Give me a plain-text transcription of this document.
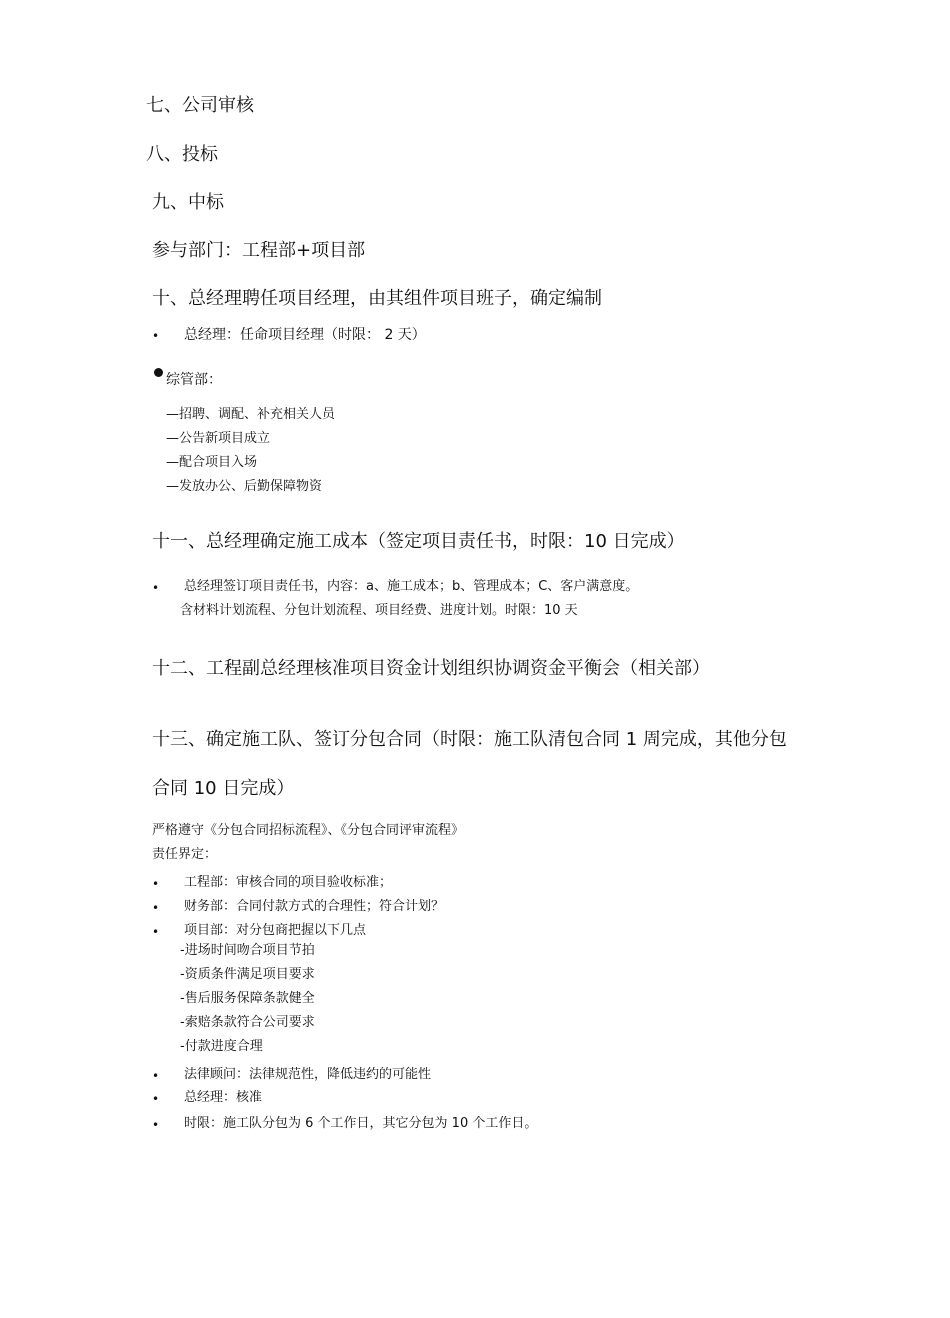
七、公司审核
八、投标
九、中标
参与部门：工程部+项目部
十、总经理聘任项目经理，由其组件项目班子，确定编制
• 总经理：任命项目经理（时限： 2 天）
综管部：
—招聘、调配、补充相关人员
—公告新项目成立
—配合项目入场
—发放办公、后勤保障物资
十一、总经理确定施工成本（签定项目责任书，时限：10 日完成）
• 总经理签订项目责任书，内容：a、施工成本；b、管理成本；C、客户满意度。
含材料计划流程、分包计划流程、项目经费、进度计划。时限：10 天
十二、工程副总经理核准项目资金计划组织协调资金平衡会（相关部）
十三、确定施工队、签订分包合同（时限：施工队清包合同 1 周完成，其他分包
合同 10 日完成）
严格遵守《分包合同招标流程》、《分包合同评审流程》
责任界定：
• 工程部：审核合同的项目验收标准；
• 财务部：合同付款方式的合理性；符合计划？
• 项目部：对分包商把握以下几点
-进场时间吻合项目节拍
-资质条件满足项目要求
-售后服务保障条款健全
-索赔条款符合公司要求
-付款进度合理
• 法律顾问：法律规范性，降低违约的可能性
• 总经理：核准
• 时限：施工队分包为 6 个工作日，其它分包为 10 个工作日。
